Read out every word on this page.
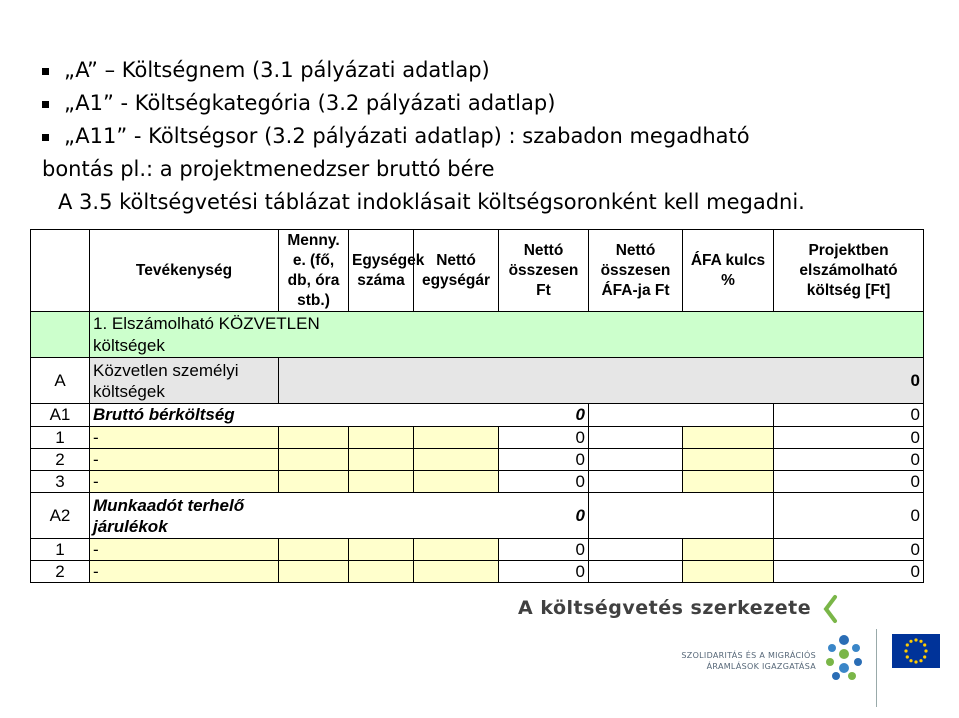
„A” – Költségnem (3.1 pályázati adatlap)
„A1” - Költségkategória (3.2 pályázati adatlap)
„A11” - Költségsor (3.2 pályázati adatlap) : szabadon megadható
bontás pl.: a projektmenedzser bruttó bére
A 3.5 költségvetési táblázat indoklásait költségsoronként kell megadni.
	Tevékenység	Menny. e. (fő, db, óra stb.)	Egységek száma	Nettó egységár	Nettó összesen Ft	Nettó összesen ÁFA-ja Ft	ÁFA kulcs %	Projektben elszámolható költség [Ft]
	1. Elszámolható KÖZVETLEN költségek							
A	Közvetlen személyi költségek	0						
A1	Bruttó bérköltség				0			0
1	-				0			0
2	-				0			0
3	-				0			0
A2	Munkaadót terhelő járulékok				0			0
1	-				0			0
2	-				0			0
A költségvetés szerkezete
SZOLIDARITÁS ÉS A MIGRÁCIÓS
ÁRAMLÁSOK IGAZGATÁSA
